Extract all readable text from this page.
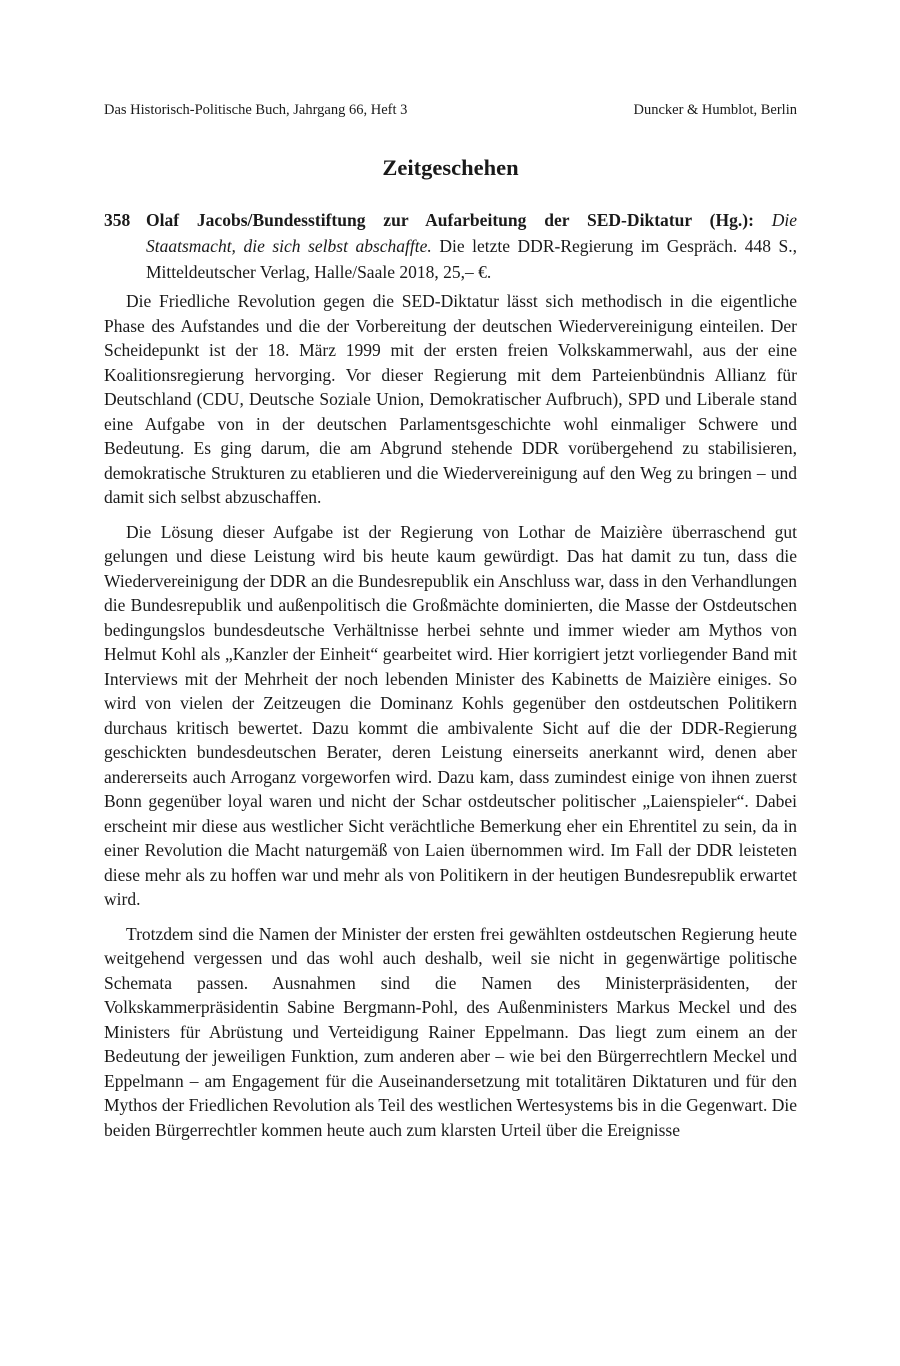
Das Historisch-Politische Buch, Jahrgang 66, Heft 3	Duncker & Humblot, Berlin
Zeitgeschehen
358 Olaf Jacobs/Bundesstiftung zur Aufarbeitung der SED-Diktatur (Hg.): Die Staatsmacht, die sich selbst abschaffte. Die letzte DDR-Regierung im Gespräch. 448 S., Mitteldeutscher Verlag, Halle/Saale 2018, 25,– €.

Die Friedliche Revolution gegen die SED-Diktatur lässt sich methodisch in die eigentliche Phase des Aufstandes und die der Vorbereitung der deutschen Wiedervereinigung einteilen. Der Scheidepunkt ist der 18. März 1999 mit der ersten freien Volkskammerwahl, aus der eine Koalitionsregierung hervorging. Vor dieser Regierung mit dem Parteienbündnis Allianz für Deutschland (CDU, Deutsche Soziale Union, Demokratischer Aufbruch), SPD und Liberale stand eine Aufgabe von in der deutschen Parlamentsgeschichte wohl einmaliger Schwere und Bedeutung. Es ging darum, die am Abgrund stehende DDR vorübergehend zu stabilisieren, demokratische Strukturen zu etablieren und die Wiedervereinigung auf den Weg zu bringen – und damit sich selbst abzuschaffen.

Die Lösung dieser Aufgabe ist der Regierung von Lothar de Maizière überraschend gut gelungen und diese Leistung wird bis heute kaum gewürdigt. Das hat damit zu tun, dass die Wiedervereinigung der DDR an die Bundesrepublik ein Anschluss war, dass in den Verhandlungen die Bundesrepublik und außenpolitisch die Großmächte dominierten, die Masse der Ostdeutschen bedingungslos bundesdeutsche Verhältnisse herbei sehnte und immer wieder am Mythos von Helmut Kohl als „Kanzler der Einheit“ gearbeitet wird. Hier korrigiert jetzt vorliegender Band mit Interviews mit der Mehrheit der noch lebenden Minister des Kabinetts de Maizière einiges. So wird von vielen der Zeitzeugen die Dominanz Kohls gegenüber den ostdeutschen Politikern durchaus kritisch bewertet. Dazu kommt die ambivalente Sicht auf die der DDR-Regierung geschickten bundesdeutschen Berater, deren Leistung einerseits anerkannt wird, denen aber andererseits auch Arroganz vorgeworfen wird. Dazu kam, dass zumindest einige von ihnen zuerst Bonn gegenüber loyal waren und nicht der Schar ostdeutscher politischer „Laienspieler“. Dabei erscheint mir diese aus westlicher Sicht verächtliche Bemerkung eher ein Ehrentitel zu sein, da in einer Revolution die Macht naturgemäß von Laien übernommen wird. Im Fall der DDR leisteten diese mehr als zu hoffen war und mehr als von Politikern in der heutigen Bundesrepublik erwartet wird.

Trotzdem sind die Namen der Minister der ersten frei gewählten ostdeutschen Regierung heute weitgehend vergessen und das wohl auch deshalb, weil sie nicht in gegenwärtige politische Schemata passen. Ausnahmen sind die Namen des Ministerpräsidenten, der Volkskammerpräsidentin Sabine Bergmann-Pohl, des Außenministers Markus Meckel und des Ministers für Abrüstung und Verteidigung Rainer Eppelmann. Das liegt zum einem an der Bedeutung der jeweiligen Funktion, zum anderen aber – wie bei den Bürgerrechtlern Meckel und Eppelmann – am Engagement für die Auseinandersetzung mit totalitären Diktaturen und für den Mythos der Friedlichen Revolution als Teil des westlichen Wertesystems bis in die Gegenwart. Die beiden Bürgerrechtler kommen heute auch zum klarsten Urteil über die Ereignisse
